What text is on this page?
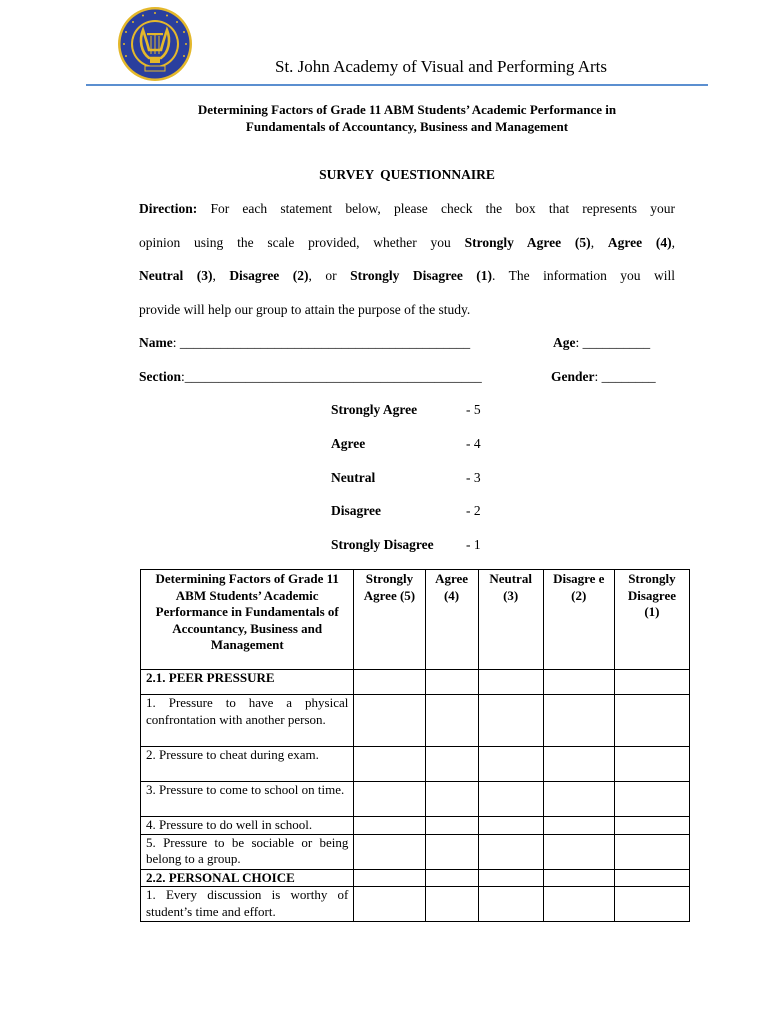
St. John Academy of Visual and Performing Arts
Determining Factors of Grade 11 ABM Students’ Academic Performance in
Fundamentals of Accountancy, Business and Management
SURVEY QUESTIONNAIRE
Direction: For each statement below, please check the box that represents your
opinion using the scale provided, whether you Strongly Agree (5), Agree (4),
Neutral (3), Disagree (2), or Strongly Disagree (1). The information you will
provide will help our group to attain the purpose of the study.
Name: ___________________________________________	Age: __________
Section:____________________________________________	Gender: ________
Strongly Agree	- 5
Agree	- 4
Neutral	- 3
Disagree	- 2
Strongly Disagree - 1
Determining Factors of Grade 11 ABM Students’ Academic Performance in Fundamentals of Accountancy, Business and Management	Strongly Agree (5)	Agree (4)	Neutral (3)	Disagre e (2)	Strongly Disagree (1)
2.1. PEER PRESSURE					
1. Pressure to have a physical confrontation with another person.					
2. Pressure to cheat during exam.					
3. Pressure to come to school on time.					
4. Pressure to do well in school.					
5. Pressure to be sociable or being belong to a group.					
2.2. PERSONAL CHOICE					
1. Every discussion is worthy of student’s time and effort.					
